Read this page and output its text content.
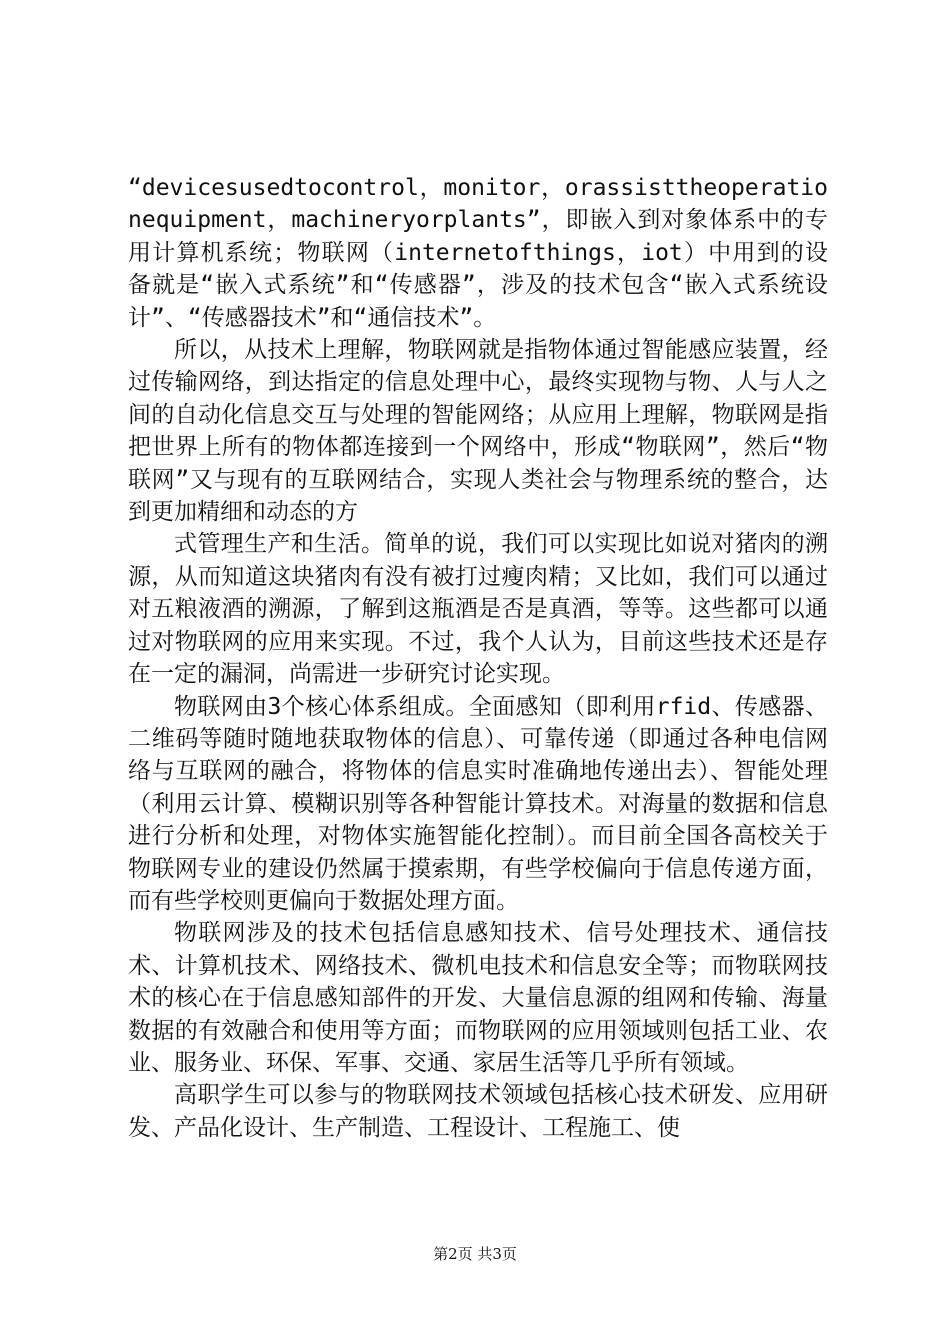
“devicesusedtocontrol，monitor，orassisttheoperationequipment，machineryorplants”，即嵌入到对象体系中的专用计算机系统；物联网（internetofthings，iot）中用到的设备就是“嵌入式系统”和“传感器”，涉及的技术包含“嵌入式系统设计”、“传感器技术”和“通信技术”。

所以，从技术上理解，物联网就是指物体通过智能感应装置，经过传输网络，到达指定的信息处理中心，最终实现物与物、人与人之间的自动化信息交互与处理的智能网络；从应用上理解，物联网是指把世界上所有的物体都连接到一个网络中，形成“物联网”，然后“物联网”又与现有的互联网结合，实现人类社会与物理系统的整合，达到更加精细和动态的方

式管理生产和生活。简单的说，我们可以实现比如说对猪肉的溯源，从而知道这块猪肉有没有被打过瘦肉精；又比如，我们可以通过对五粮液酒的溯源，了解到这瓶酒是否是真酒，等等。这些都可以通过对物联网的应用来实现。不过，我个人认为，目前这些技术还是存在一定的漏洞，尚需进一步研究讨论实现。

物联网由3个核心体系组成。全面感知（即利用rfid、传感器、二维码等随时随地获取物体的信息）、可靠传递（即通过各种电信网络与互联网的融合，将物体的信息实时准确地传递出去）、智能处理（利用云计算、模糊识别等各种智能计算技术。对海量的数据和信息进行分析和处理，对物体实施智能化控制）。而目前全国各高校关于物联网专业的建设仍然属于摸索期，有些学校偏向于信息传递方面，而有些学校则更偏向于数据处理方面。

物联网涉及的技术包括信息感知技术、信号处理技术、通信技术、计算机技术、网络技术、微机电技术和信息安全等；而物联网技术的核心在于信息感知部件的开发、大量信息源的组网和传输、海量数据的有效融合和使用等方面；而物联网的应用领域则包括工业、农业、服务业、环保、军事、交通、家居生活等几乎所有领域。

高职学生可以参与的物联网技术领域包括核心技术研发、应用研发、产品化设计、生产制造、工程设计、工程施工、使

第2页 共3页
